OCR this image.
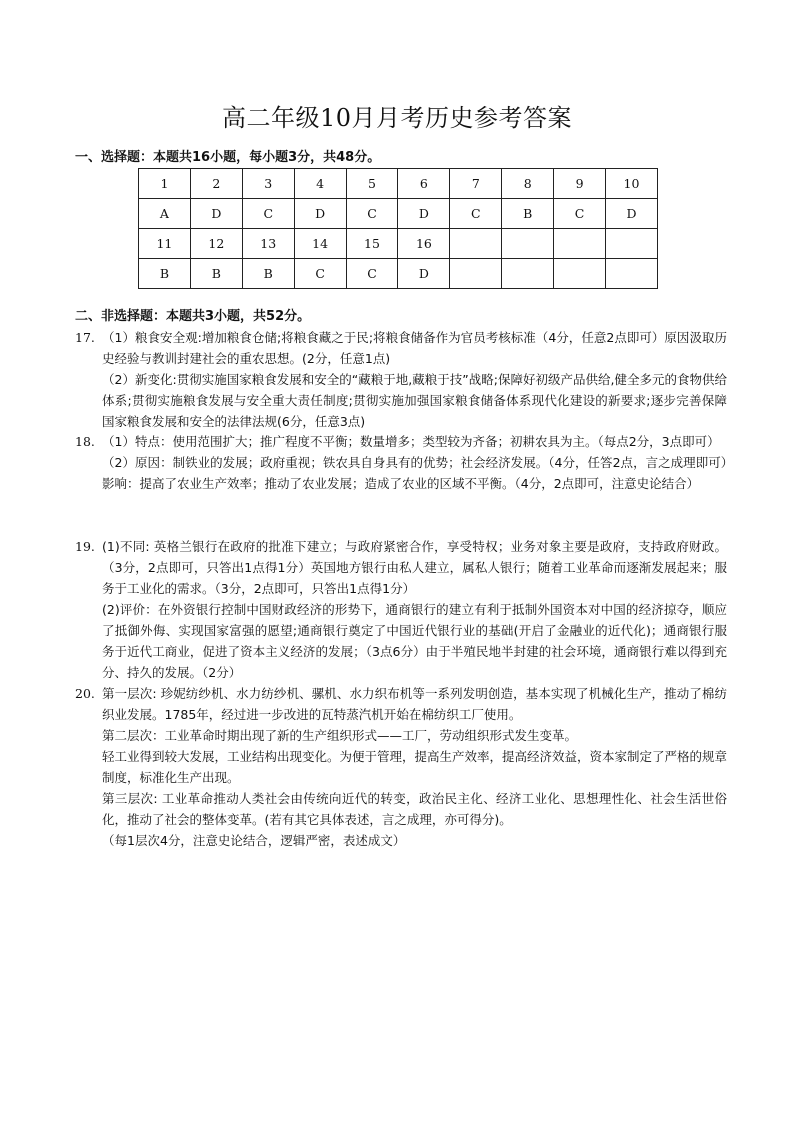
高二年级10月月考历史参考答案
一、选择题：本题共16小题，每小题3分，共48分。
1	2	3	4	5	6	7	8	9	10
A	D	C	D	C	D	C	B	C	D
11	12	13	14	15	16				
B	B	B	C	C	D				
二、非选择题：本题共3小题，共52分。
17. （1）粮食安全观:增加粮食仓储;将粮食藏之于民;将粮食储备作为官员考核标准（4分，任意2点即可）原因汲取历史经验与教训封建社会的重农思想。(2分，任意1点)

（2）新变化:贯彻实施国家粮食发展和安全的“藏粮于地,藏粮于技”战略;保障好初级产品供给,健全多元的食物供给体系;贯彻实施粮食发展与安全重大责任制度;贯彻实施加强国家粮食储备体系现代化建设的新要求;逐步完善保障国家粮食发展和安全的法律法规(6分，任意3点)

18. （1）特点：使用范围扩大；推广程度不平衡；数量增多；类型较为齐备；初耕农具为主。（每点2分，3点即可）

（2）原因：制铁业的发展；政府重视；铁农具自身具有的优势；社会经济发展。（4分，任答2点，言之成理即可）影响：提高了农业生产效率；推动了农业发展；造成了农业的区域不平衡。（4分，2点即可，注意史论结合）

19. (1)不同: 英格兰银行在政府的批准下建立；与政府紧密合作，享受特权；业务对象主要是政府，支持政府财政。（3分，2点即可，只答出1点得1分）英国地方银行由私人建立，属私人银行；随着工业革命而逐渐发展起来；服务于工业化的需求。（3分，2点即可，只答出1点得1分）

(2)评价：在外资银行控制中国财政经济的形势下，通商银行的建立有利于抵制外国资本对中国的经济掠夺，顺应了抵御外侮、实现国家富强的愿望;通商银行奠定了中国近代银行业的基础(开启了金融业的近代化)；通商银行服务于近代工商业，促进了资本主义经济的发展；（3点6分）由于半殖民地半封建的社会环境，通商银行难以得到充分、持久的发展。（2分）

20. 第一层次: 珍妮纺纱机、水力纺纱机、骡机、水力织布机等一系列发明创造，基本实现了机械化生产，推动了棉纺织业发展。1785年，经过进一步改进的瓦特蒸汽机开始在棉纺织工厂使用。

第二层次：工业革命时期出现了新的生产组织形式——工厂，劳动组织形式发生变革。

轻工业得到较大发展，工业结构出现变化。为便于管理，提高生产效率，提高经济效益，资本家制定了严格的规章制度，标准化生产出现。

第三层次: 工业革命推动人类社会由传统向近代的转变，政治民主化、经济工业化、思想理性化、社会生活世俗化，推动了社会的整体变革。(若有其它具体表述，言之成理，亦可得分)。

（每1层次4分，注意史论结合，逻辑严密，表述成文）
